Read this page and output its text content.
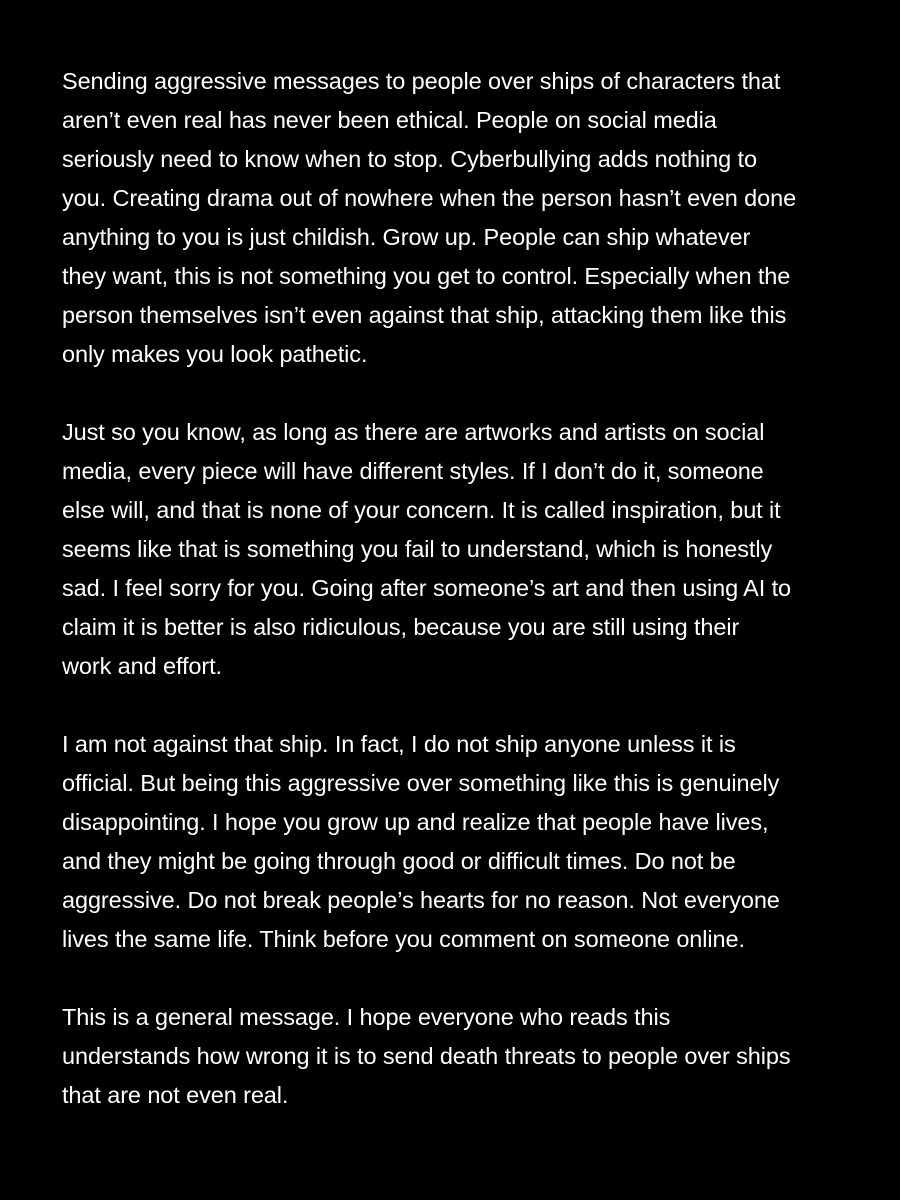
Sending aggressive messages to people over ships of characters that
aren’t even real has never been ethical. People on social media
seriously need to know when to stop. Cyberbullying adds nothing to
you. Creating drama out of nowhere when the person hasn’t even done
anything to you is just childish. Grow up. People can ship whatever
they want, this is not something you get to control. Especially when the
person themselves isn’t even against that ship, attacking them like this
only makes you look pathetic.

Just so you know, as long as there are artworks and artists on social
media, every piece will have different styles. If I don’t do it, someone
else will, and that is none of your concern. It is called inspiration, but it
seems like that is something you fail to understand, which is honestly
sad. I feel sorry for you. Going after someone’s art and then using AI to
claim it is better is also ridiculous, because you are still using their
work and effort.

I am not against that ship. In fact, I do not ship anyone unless it is
official. But being this aggressive over something like this is genuinely
disappointing. I hope you grow up and realize that people have lives,
and they might be going through good or difficult times. Do not be
aggressive. Do not break people’s hearts for no reason. Not everyone
lives the same life. Think before you comment on someone online.

This is a general message. I hope everyone who reads this
understands how wrong it is to send death threats to people over ships
that are not even real.
